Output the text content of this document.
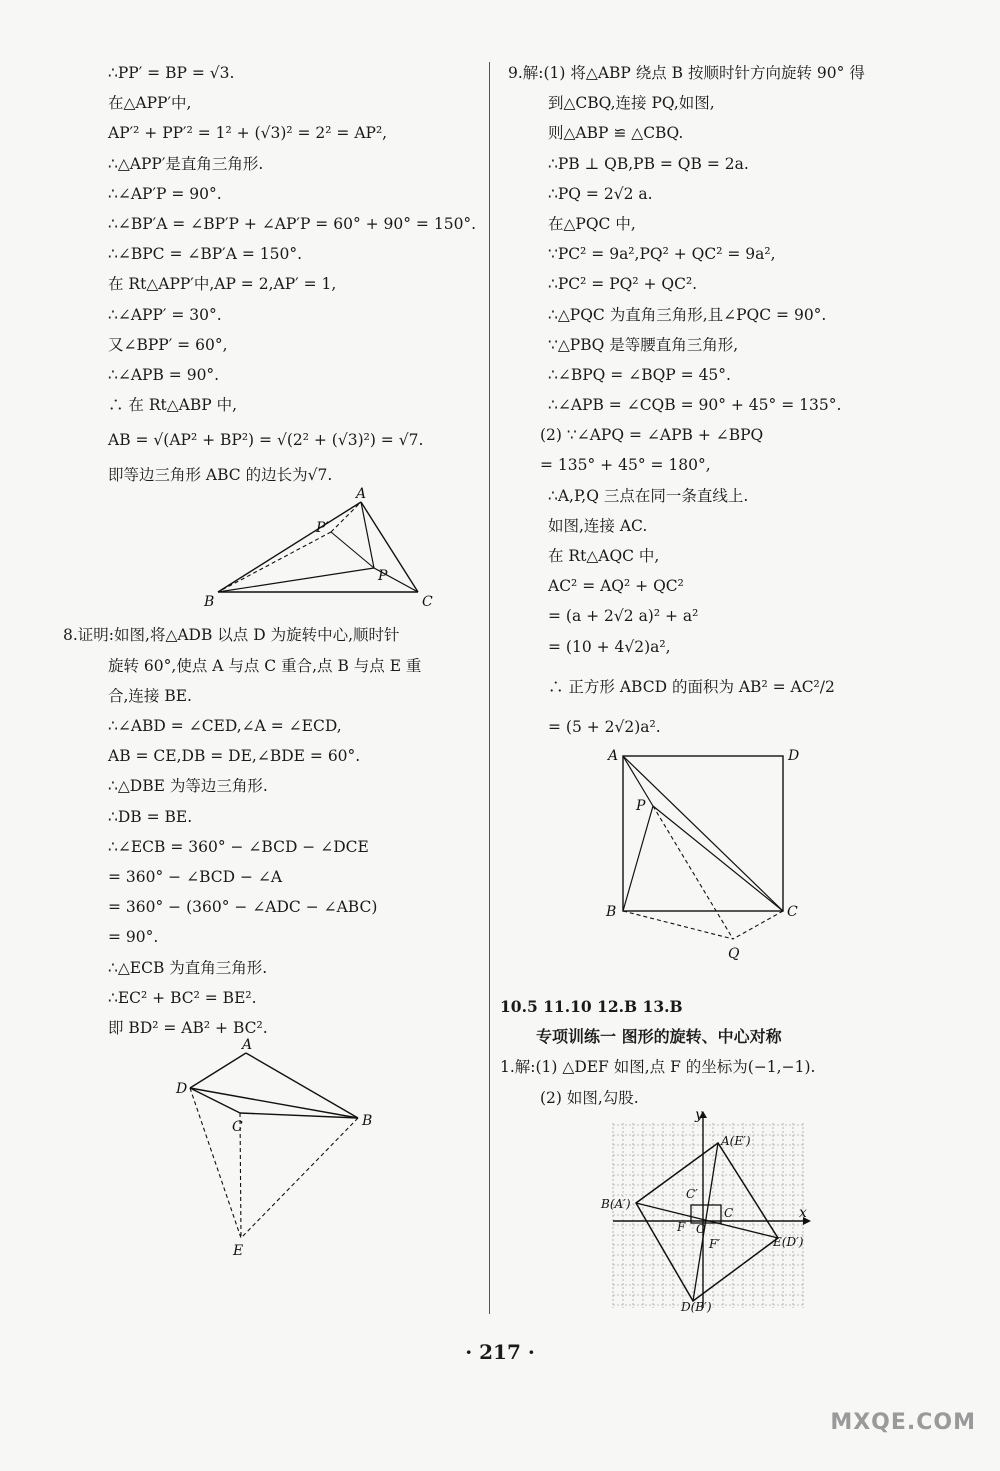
∴PP′ = BP = √3.
在△APP′中,
AP′² + PP′² = 1² + (√3)² = 2² = AP²,
∴△APP′是直角三角形.
∴∠AP′P = 90°.
∴∠BP′A = ∠BP′P + ∠AP′P = 60° + 90° = 150°.
∴∠BPC = ∠BP′A = 150°.
在 Rt△APP′中,AP = 2,AP′ = 1,
∴∠APP′ = 30°.
又∠BPP′ = 60°,
∴∠APB = 90°.
∴ 在 Rt△ABP 中,
AB = √(AP² + BP²) = √(2² + (√3)²) = √7.
即等边三角形 ABC 的边长为√7.
A
B	C
P
P′
8.证明:如图,将△ADB 以点 D 为旋转中心,顺时针
旋转 60°,使点 A 与点 C 重合,点 B 与点 E 重
合,连接 BE.
∴∠ABD = ∠CED,∠A = ∠ECD,
AB = CE,DB = DE,∠BDE = 60°.
∴△DBE 为等边三角形.
∴DB = BE.
∴∠ECB = 360° − ∠BCD − ∠DCE
= 360° − ∠BCD − ∠A
= 360° − (360° − ∠ADC − ∠ABC)
= 90°.
∴△ECB 为直角三角形.
∴EC² + BC² = BE².
即 BD² = AB² + BC².
A
D
C	B
E
9.解:(1) 将△ABP 绕点 B 按顺时针方向旋转 90° 得
到△CBQ,连接 PQ,如图,
则△ABP ≌ △CBQ.
∴PB ⊥ QB,PB = QB = 2a.
∴PQ = 2√2 a.
在△PQC 中,
∵PC² = 9a²,PQ² + QC² = 9a²,
∴PC² = PQ² + QC².
∴△PQC 为直角三角形,且∠PQC = 90°.
∵△PBQ 是等腰直角三角形,
∴∠BPQ = ∠BQP = 45°.
∴∠APB = ∠CQB = 90° + 45° = 135°.
(2) ∵∠APQ = ∠APB + ∠BPQ
= 135° + 45° = 180°,
∴A,P,Q 三点在同一条直线上.
如图,连接 AC.
在 Rt△AQC 中,
AC² = AQ² + QC²
= (a + 2√2 a)² + a²
= (10 + 4√2)a²,
∴ 正方形 ABCD 的面积为 AB² = AC²/2
= (5 + 2√2)a².
A	D
P
B	C
Q
10.5 11.10 12.B 13.B
专项训练一 图形的旋转、中心对称
1.解:(1) △DEF 如图,点 F 的坐标为(−1,−1).
(2) 如图,勾股.
y
x
A(E′)
B(A′)
C′
C
F O
F′	E(D′)
D(B′)
· 217 ·
MXQE.COM
